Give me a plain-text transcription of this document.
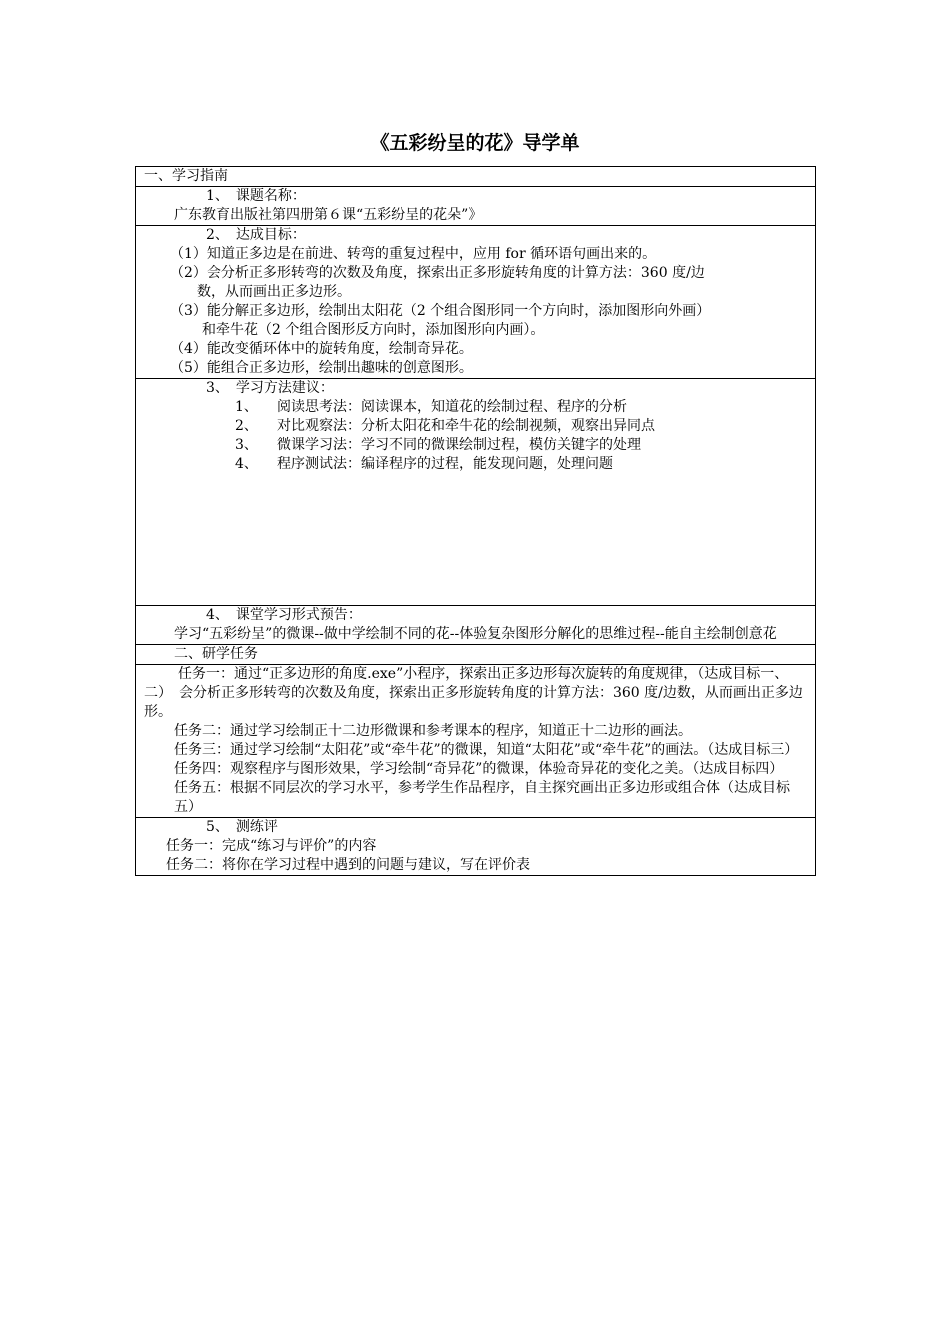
《五彩纷呈的花》导学单
一、学习指南

1、　课题名称：
广东教育出版社第四册第６课“五彩纷呈的花朵”》

2、　达成目标：
（1）知道正多边是在前进、转弯的重复过程中，应用 for 循环语句画出来的。
（2）会分析正多形转弯的次数及角度，探索出正多形旋转角度的计算方法：360 度/边
数，从而画出正多边形。
（3）能分解正多边形，绘制出太阳花（2 个组合图形同一个方向时，添加图形向外画）
和牵牛花（2 个组合图形反方向时，添加图形向内画）。
（4）能改变循环体中的旋转角度，绘制奇异花。
（5）能组合正多边形，绘制出趣味的创意图形。

3、　学习方法建议：
1、	阅读思考法：阅读课本，知道花的绘制过程、程序的分析
2、	对比观察法：分析太阳花和牵牛花的绘制视频，观察出异同点
3、	微课学习法：学习不同的微课绘制过程，模仿关键字的处理
4、	程序测试法：编译程序的过程，能发现问题，处理问题

4、　课堂学习形式预告：
学习“五彩纷呈”的微课--做中学绘制不同的花--体验复杂图形分解化的思维过程--能自主绘制创意花

二、研学任务

任务一：通过“正多边形的角度.exe”小程序，探索出正多边形每次旋转的角度规律，（达成目标一、二）　会分析正多形转弯的次数及角度，探索出正多形旋转角度的计算方法：360 度/边数，从而画出正多边形。
任务二：通过学习绘制正十二边形微课和参考课本的程序，知道正十二边形的画法。
任务三：通过学习绘制“太阳花”或“牵牛花”的微课，知道“太阳花”或“牵牛花”的画法。（达成目标三）
任务四：观察程序与图形效果，学习绘制“奇异花”的微课，体验奇异花的变化之美。（达成目标四）
任务五：根据不同层次的学习水平，参考学生作品程序，自主探究画出正多边形或组合体（达成目标五）

5、　测练评
任务一：完成“练习与评价”的内容
任务二：将你在学习过程中遇到的问题与建议，写在评价表
